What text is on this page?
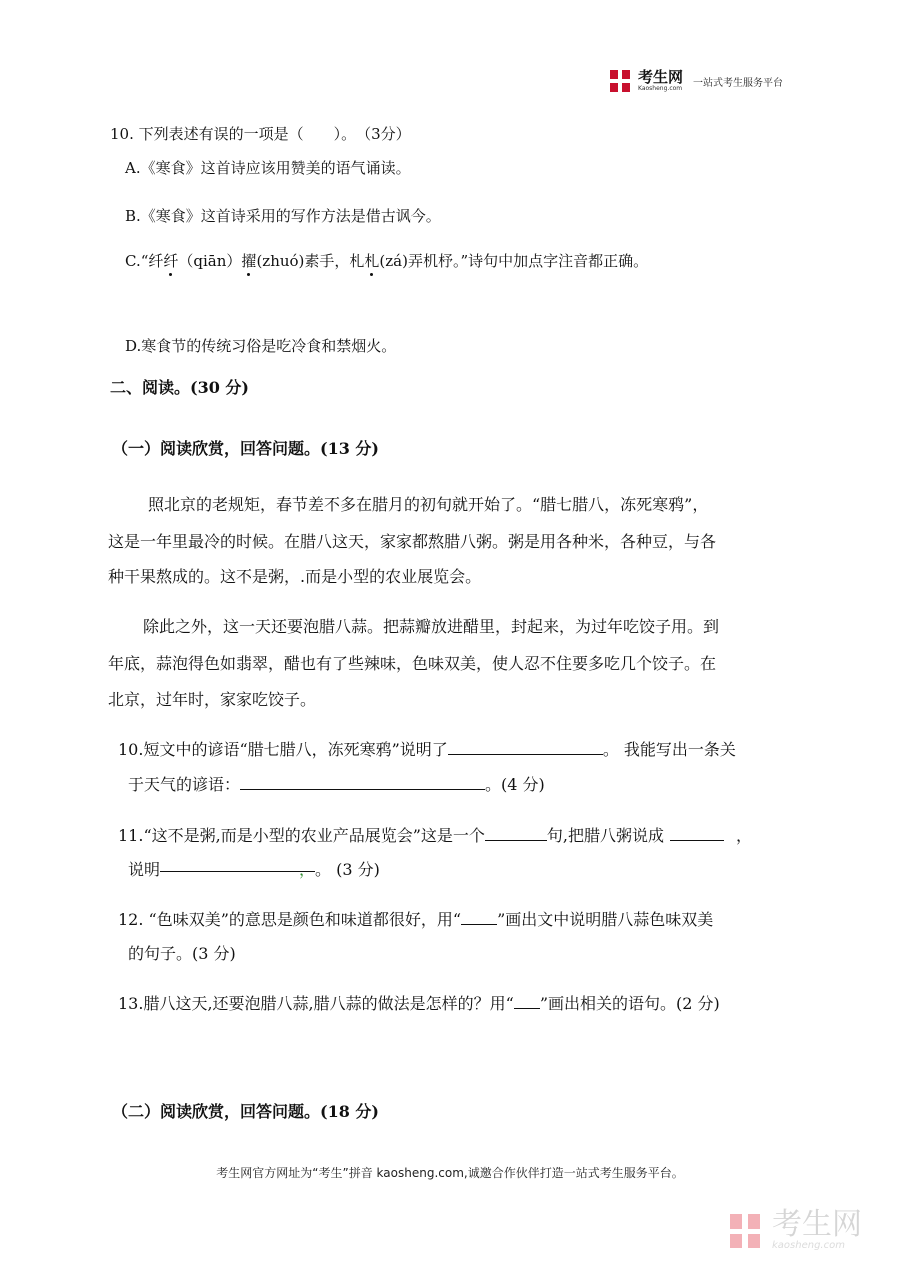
考生网
Kaosheng.com 一站式考生服务平台
10. 下列表述有误的一项是（　　）。　（3分）
A.《寒食》这首诗应该用赞美的语气诵读。
B.《寒食》这首诗采用的写作方法是借古讽今。
C.“纤纤（qiān）擢(zhuó)素手，札札(zá)弄机杼。”诗句中加点字注音都正确。
D.寒食节的传统习俗是吃冷食和禁烟火。
二、阅读。(30 分)
（一）阅读欣赏，回答问题。(13 分)
照北京的老规矩，春节差不多在腊月的初旬就开始了。“腊七腊八，冻死寒鸦”，
这是一年里最冷的时候。在腊八这天，家家都熬腊八粥。粥是用各种米，各种豆，与各
种干果熬成的。这不是粥，.而是小型的农业展览会。
除此之外，这一天还要泡腊八蒜。把蒜瓣放进醋里，封起来，为过年吃饺子用。到
年底，蒜泡得色如翡翠，醋也有了些辣味，色味双美，使人忍不住要多吃几个饺子。在
北京，过年时，家家吃饺子。
10.短文中的谚语“腊七腊八，冻死寒鸦”说明了	。 我能写出一条关
于天气的谚语：	。(4 分)
11.“这不是粥,而是小型的农业产品展览会”这是一个	句,把腊八粥说成	，
说明	，。 (3 分)
12. “色味双美”的意思是颜色和味道都很好，用“ ”画出文中说明腊八蒜色味双美
的句子。(3 分)
13.腊八这天,还要泡腊八蒜,腊八蒜的做法是怎样的？用“ ”画出相关的语句。(2 分)
（二）阅读欣赏，回答问题。(18 分)
考生网官方网址为“考生”拼音 kaosheng.com,诚邀合作伙伴打造一站式考生服务平台。
考生网
kaosheng.com
